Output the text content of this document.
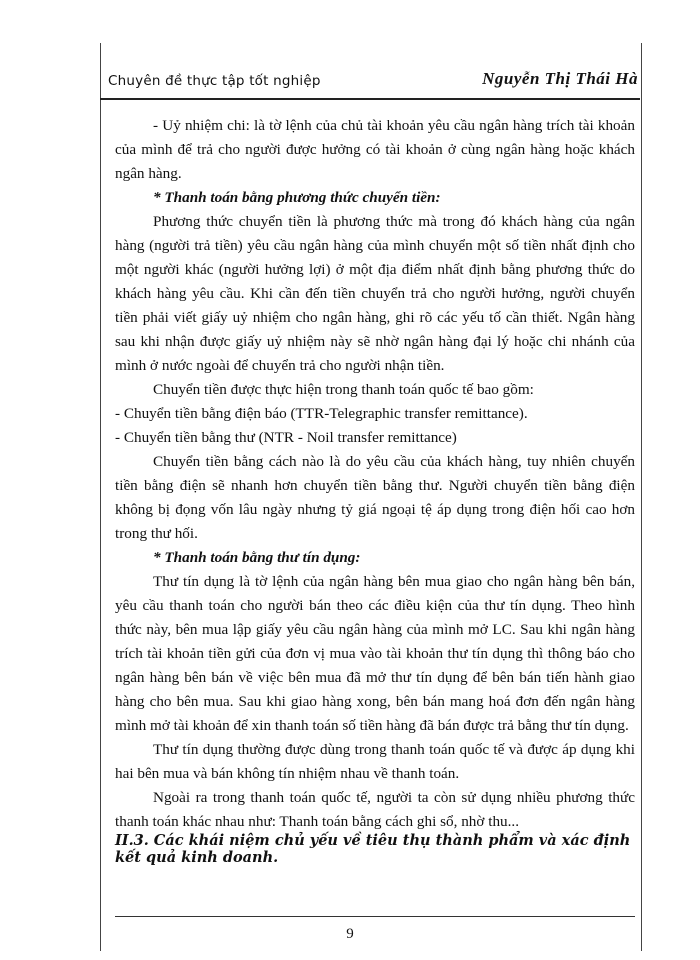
Chuyên đề thực tập tốt nghiệp	Nguyễn Thị Thái Hà

- Uỷ nhiệm chi: là tờ lệnh của chủ tài khoản yêu cầu ngân hàng trích tài khoản của mình để trả cho người được hưởng có tài khoản ở cùng ngân hàng hoặc khách ngân hàng.

* Thanh toán bằng phương thức chuyển tiền:

Phương thức chuyển tiền là phương thức mà trong đó khách hàng của ngân hàng (người trả tiền) yêu cầu ngân hàng của mình chuyển một số tiền nhất định cho một người khác (người hưởng lợi) ở một địa điểm nhất định bằng phương thức do khách hàng yêu cầu. Khi cần đến tiền chuyển trả cho người hưởng, người chuyển tiền phải viết giấy uỷ nhiệm cho ngân hàng, ghi rõ các yếu tố cần thiết. Ngân hàng sau khi nhận được giấy uỷ nhiệm này sẽ nhờ ngân hàng đại lý hoặc chi nhánh của mình ở nước ngoài để chuyển trả cho người nhận tiền.

Chuyển tiền được thực hiện trong thanh toán quốc tế bao gồm:

- Chuyển tiền bằng điện báo (TTR-Telegraphic transfer remittance).

- Chuyển tiền bằng thư (NTR - Noil transfer remittance)

Chuyển tiền bằng cách nào là do yêu cầu của khách hàng, tuy nhiên chuyển tiền bằng điện sẽ nhanh hơn chuyển tiền bằng thư. Người chuyển tiền bằng điện không bị đọng vốn lâu ngày nhưng tỷ giá ngoại tệ áp dụng trong điện hối cao hơn trong thư hối.

* Thanh toán bằng thư tín dụng:

Thư tín dụng là tờ lệnh của ngân hàng bên mua giao cho ngân hàng bên bán, yêu cầu thanh toán cho người bán theo các điều kiện của thư tín dụng. Theo hình thức này, bên mua lập giấy yêu cầu ngân hàng của mình mở LC. Sau khi ngân hàng trích tài khoản tiền gửi của đơn vị mua vào tài khoản thư tín dụng thì thông báo cho ngân hàng bên bán về việc bên mua đã mở thư tín dụng để bên bán tiến hành giao hàng cho bên mua. Sau khi giao hàng xong, bên bán mang hoá đơn đến ngân hàng mình mở tài khoản để xin thanh toán số tiền hàng đã bán được trả bằng thư tín dụng.

Thư tín dụng thường được dùng trong thanh toán quốc tế và được áp dụng khi hai bên mua và bán không tín nhiệm nhau về thanh toán.

Ngoài ra trong thanh toán quốc tế, người ta còn sử dụng nhiều phương thức thanh toán khác nhau như: Thanh toán bằng cách ghi sổ, nhờ thu...

II.3. Các khái niệm chủ yếu về tiêu thụ thành phẩm và xác định kết quả kinh doanh.
9
